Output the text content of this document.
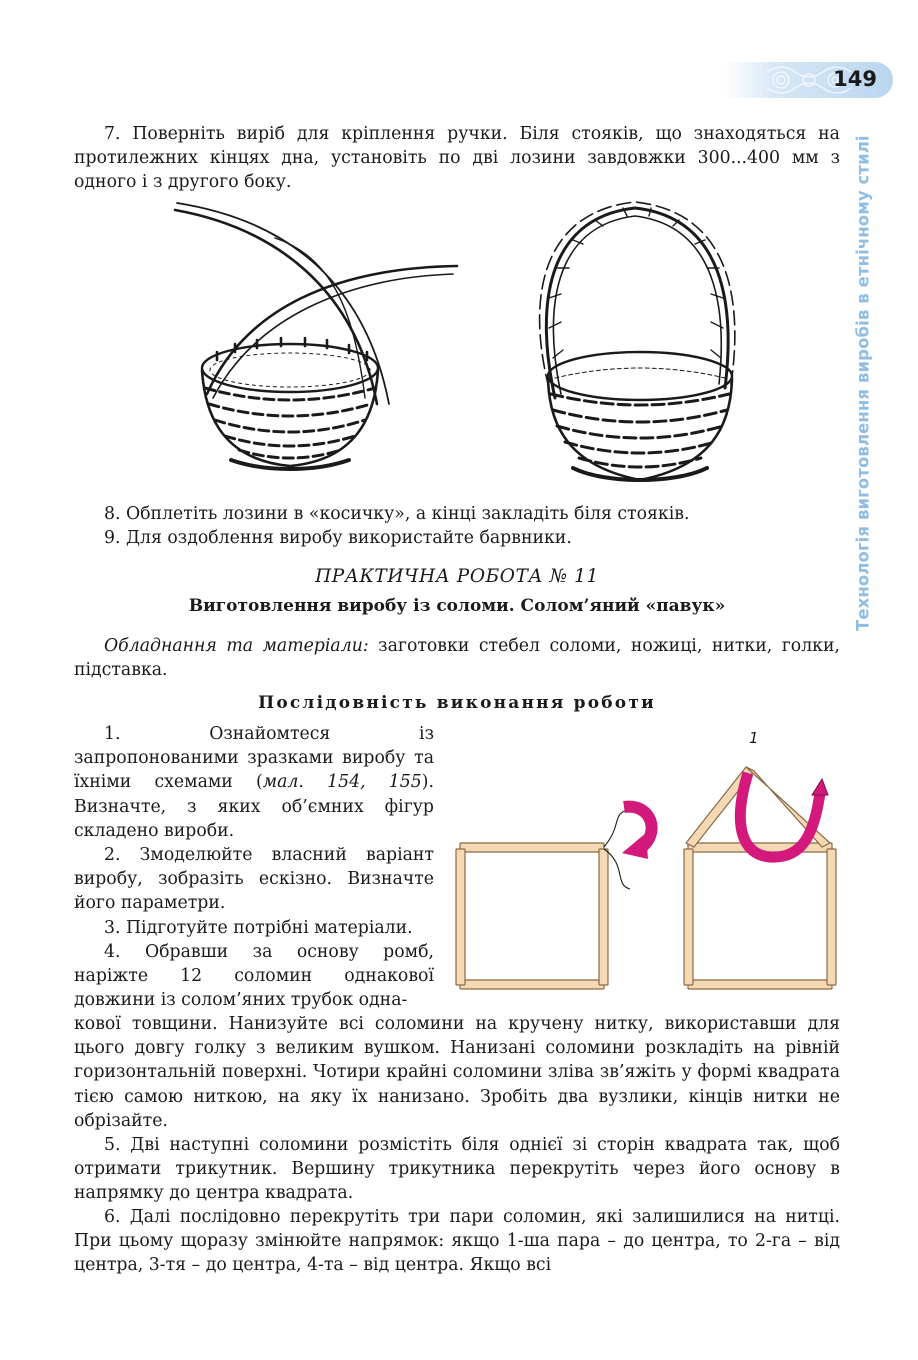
149
Технологія виготовлення виробів в етнічному стилі
7. Поверніть виріб для кріплення ручки. Біля стояків, що знаходяться на протилежних кінцях дна, установіть по дві лозини завдовжки 300...400 мм з одного і з другого боку.
8. Обплетіть лозини в «косичку», а кінці закладіть біля стояків.
9. Для оздоблення виробу використайте барвники.
ПРАКТИЧНА РОБОТА № 11
Виготовлення виробу із соломи. Солом’яний «павук»
Обладнання та матеріали: заготовки стебел соломи, ножиці, нитки, голки, підставка.
Послідовність виконання роботи
1. Ознайомтеся із запропонованими зразками виробу та їхніми схемами (мал. 154, 155). Визначте, з яких об’ємних фігур складено вироби.
2. Змоделюйте власний варіант виробу, зобразіть ескізно. Визначте його параметри.
3. Підготуйте потрібні матеріали.
4. Обравши за основу ромб, наріжте 12 соломин однакової довжини із солом’яних трубок одна-
1
кової товщини. Нанизуйте всі соломини на кручену нитку, використавши для цього довгу голку з великим вушком. Нанизані соломини розкладіть на рівній горизонтальній поверхні. Чотири крайні соломини зліва зв’яжіть у формі квадрата тією самою ниткою, на яку їх нанизано. Зробіть два вузлики, кінців нитки не обрізайте.
5. Дві наступні соломини розмістіть біля однієї зі сторін квадрата так, щоб отримати трикутник. Вершину трикутника перекрутіть через його основу в напрямку до центра квадрата.
6. Далі послідовно перекрутіть три пари соломин, які залишилися на нитці. При цьому щоразу змінюйте напрямок: якщо 1-ша пара – до центра, то 2-га – від центра, 3-тя – до центра, 4-та – від центра. Якщо всі
